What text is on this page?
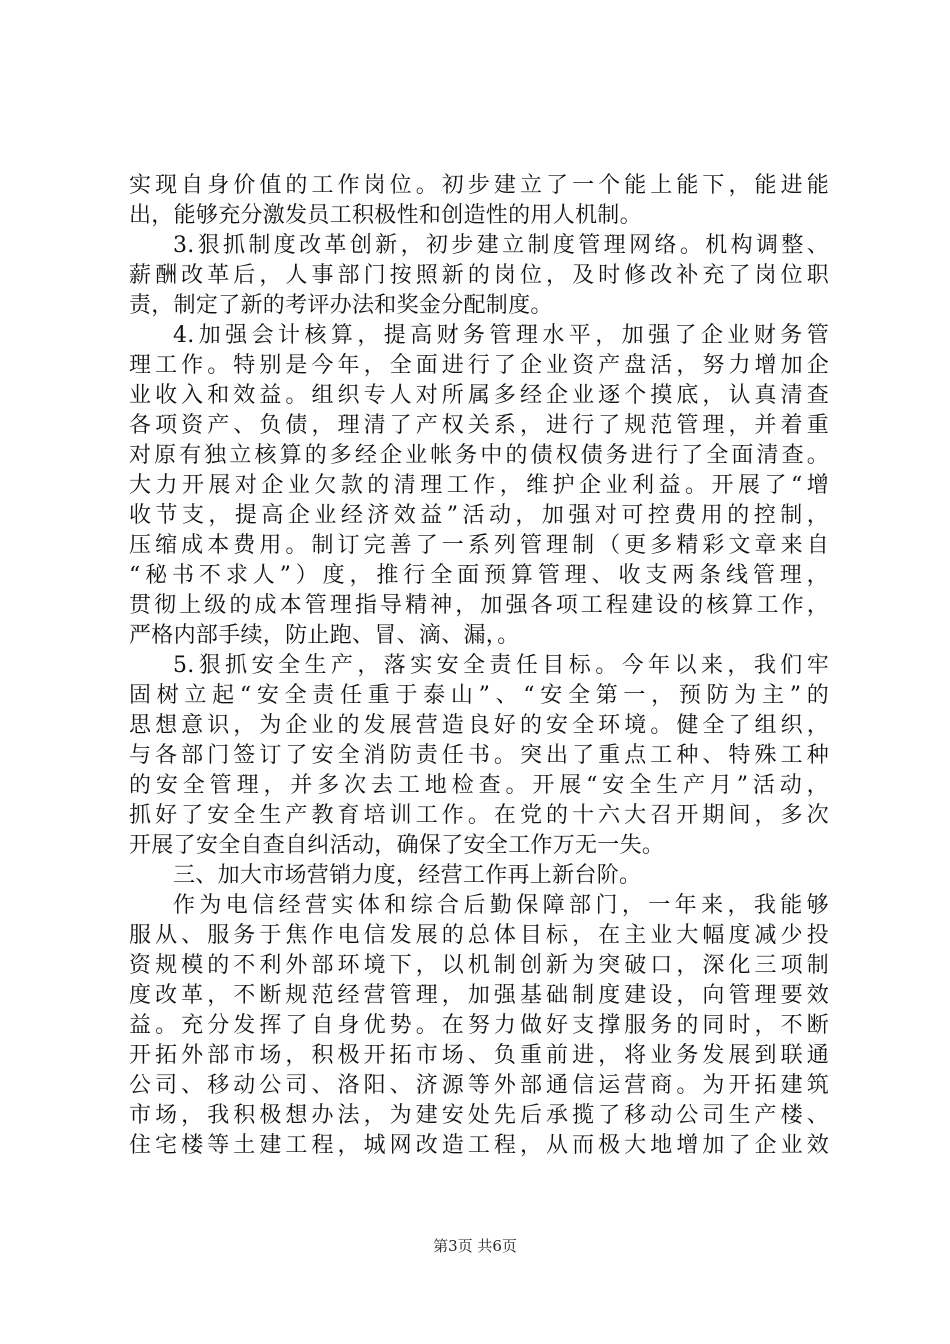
实现自身价值的工作岗位。初步建立了一个能上能下，能进能
出，能够充分激发员工积极性和创造性的用人机制。
3.狠抓制度改革创新，初步建立制度管理网络。机构调整、
薪酬改革后，人事部门按照新的岗位，及时修改补充了岗位职
责，制定了新的考评办法和奖金分配制度。
4.加强会计核算，提高财务管理水平，加强了企业财务管
理工作。特别是今年，全面进行了企业资产盘活，努力增加企
业收入和效益。组织专人对所属多经企业逐个摸底，认真清查
各项资产、负债，理清了产权关系，进行了规范管理，并着重
对原有独立核算的多经企业帐务中的债权债务进行了全面清查。
大力开展对企业欠款的清理工作，维护企业利益。开展了“增
收节支，提高企业经济效益”活动，加强对可控费用的控制，
压缩成本费用。制订完善了一系列管理制（更多精彩文章来自
“秘书不求人”）度，推行全面预算管理、收支两条线管理，
贯彻上级的成本管理指导精神，加强各项工程建设的核算工作，
严格内部手续，防止跑、冒、滴、漏，。
5.狠抓安全生产，落实安全责任目标。今年以来，我们牢
固树立起“安全责任重于泰山”、“安全第一，预防为主”的
思想意识，为企业的发展营造良好的安全环境。健全了组织，
与各部门签订了安全消防责任书。突出了重点工种、特殊工种
的安全管理，并多次去工地检查。开展“安全生产月”活动，
抓好了安全生产教育培训工作。在党的十六大召开期间，多次
开展了安全自查自纠活动，确保了安全工作万无一失。
三、加大市场营销力度，经营工作再上新台阶。
作为电信经营实体和综合后勤保障部门，一年来，我能够
服从、服务于焦作电信发展的总体目标，在主业大幅度减少投
资规模的不利外部环境下，以机制创新为突破口，深化三项制
度改革，不断规范经营管理，加强基础制度建设，向管理要效
益。充分发挥了自身优势。在努力做好支撑服务的同时，不断
开拓外部市场，积极开拓市场、负重前进，将业务发展到联通
公司、移动公司、洛阳、济源等外部通信运营商。为开拓建筑
市场，我积极想办法，为建安处先后承揽了移动公司生产楼、
住宅楼等土建工程，城网改造工程，从而极大地增加了企业效
第3页 共6页
